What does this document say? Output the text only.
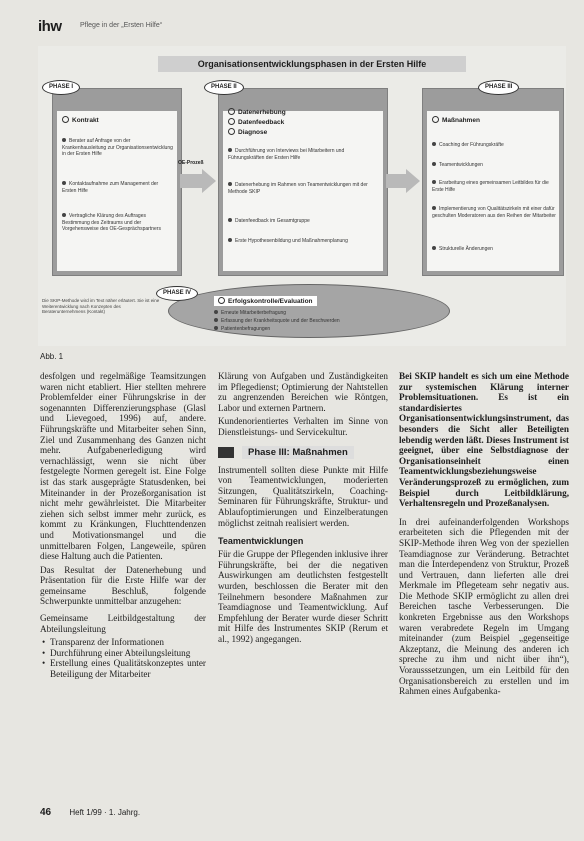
ihw	Pflege in der „Ersten Hilfe“
Organisationsentwicklungsphasen in der Ersten Hilfe
PHASE I
Kontrakt
Berater auf Anfrage von der Krankenhausleitung zur Organisationsentwicklung in der Ersten Hilfe
Kontaktaufnahme zum Management der Ersten Hilfe
Vertragliche Klärung des Auftrages Bestimmung des Zeitraums und der Vorgehensweise des OE-Gesprächspartners
OE-Prozeß
PHASE II
Datenerhebung
Datenfeedback
Diagnose
Durchführung von Interviews bei Mitarbeitern und Führungskräften der Ersten Hilfe
Datenerhebung im Rahmen von Teamentwicklungen mit der Methode SKIP
Datenfeedback im Gesamtgruppe
Erste Hypothesenbildung und Maßnahmenplanung
PHASE III
Maßnahmen
Coaching der Führungskräfte
Teamentwicklungen
Erarbeitung eines gemeinsamen Leitbildes für die Erste Hilfe
Implementierung von Qualitätszirkeln mit einer dafür geschulten Moderatoren aus den Reihen der Mitarbeiter
Strukturelle Änderungen
PHASE IV
Erfolgskontrolle/Evaluation
Erneute Mitarbeiterbefragung
Erfassung der Krankheitsquote und der Beschwerden
Patientenbefragungen
Die SKIP-Methode wird im Text näher erläutert. Sie ist eine Weiterentwicklung nach Konzepten des Beraterunternehmens (Kontakt)
Abb. 1

desfolgen und regelmäßige Teamsitzungen waren nicht etabliert. Hier stellten mehrere Problemfelder einer Führungskrise in der sogenannten Differenzierungsphase (Glasl und Lievegoed, 1996) auf, andere. Führungskräfte und Mitarbeiter sehen Sinn, Ziel und Zusammenhang des Ganzen nicht mehr. Aufgabenerledigung wird vernachlässigt, wenn sie nicht über festgelegte Normen geregelt ist. Eine Folge ist das stark ausgeprägte Statusdenken, bei Miteinander in der Prozeßorganisation ist nicht mehr gewährleistet. Die Mitarbeiter ziehen sich selbst immer mehr zurück, es kommt zu Kränkungen, Fluchttendenzen und Motivationsmangel und die unmittelbaren Folgen, Langeweile, spüren diese Haltung auch die Patienten.

Das Resultat der Datenerhebung und Präsentation für die Erste Hilfe war der gemeinsame Beschluß, folgende Schwerpunkte unmittelbar anzugehen:

Gemeinsame Leitbildgestaltung der Abteilungsleitung

• Transparenz der Informationen
• Durchführung einer Abteilungsleitung
• Erstellung eines Qualitätskonzeptes unter Beteiligung der Mitarbeiter

Klärung von Aufgaben und Zuständigkeiten im Pflegedienst; Optimierung der Nahtstellen zu angrenzenden Bereichen wie Röntgen, Labor und externen Partnern.

Kundenorientiertes Verhalten im Sinne von Dienstleistungs- und Servicekultur.

Phase III: Maßnahmen

Instrumentell sollten diese Punkte mit Hilfe von Teamentwicklungen, moderierten Sitzungen, Qualitätszirkeln, Coaching-Seminaren für Führungskräfte, Struktur- und Ablaufoptimierungen und Einzelberatungen möglichst zeitnah realisiert werden.

Teamentwicklungen

Für die Gruppe der Pflegenden inklusive ihrer Führungskräfte, bei der die negativen Auswirkungen am deutlichsten festgestellt wurden, beschlossen die Berater mit den Teilnehmern besondere Maßnahmen zur Teamdiagnose und Teamentwicklung. Auf Empfehlung der Berater wurde dieser Schritt mit Hilfe des Instrumentes SKIP (Rerum et al., 1992) angegangen.

Bei SKIP handelt es sich um eine Methode zur systemischen Klärung interner Problemsituationen. Es ist ein standardisiertes Organisationsentwicklungsinstrument, das besonders die Sicht aller Beteiligten lebendig werden läßt. Dieses Instrument ist geeignet, über eine Selbstdiagnose der Organisationseinheit einen Teamentwicklungsbeziehungsweise Veränderungsprozeß zu ermöglichen, zum Beispiel durch Leitbildklärung, Verhaltensregeln und Prozeßanalysen.

In drei aufeinanderfolgenden Workshops erarbeiteten sich die Pflegenden mit der SKIP-Methode ihren Weg von der speziellen Teamdiagnose zur Veränderung. Betrachtet man die Interdependenz von Struktur, Prozeß und Vertrauen, dann lieferten alle drei Merkmale im Pflegeteam sehr negativ aus. Die Methode SKIP ermöglicht zu allen drei Bereichen tasche Verbesserungen. Die konkreten Ergebnisse aus den Workshops waren verabredete Regeln im Umgang miteinander (zum Beispiel „gegenseitige Akzeptanz, die Meinung des anderen ich spreche zu ihm und nicht über ihn“), Vorausssetzungen, um ein Leitbild für den Organisationsbereich zu erstellen und im Rahmen eines Aufgabenka-

46 Heft 1/99 · 1. Jahrg.
